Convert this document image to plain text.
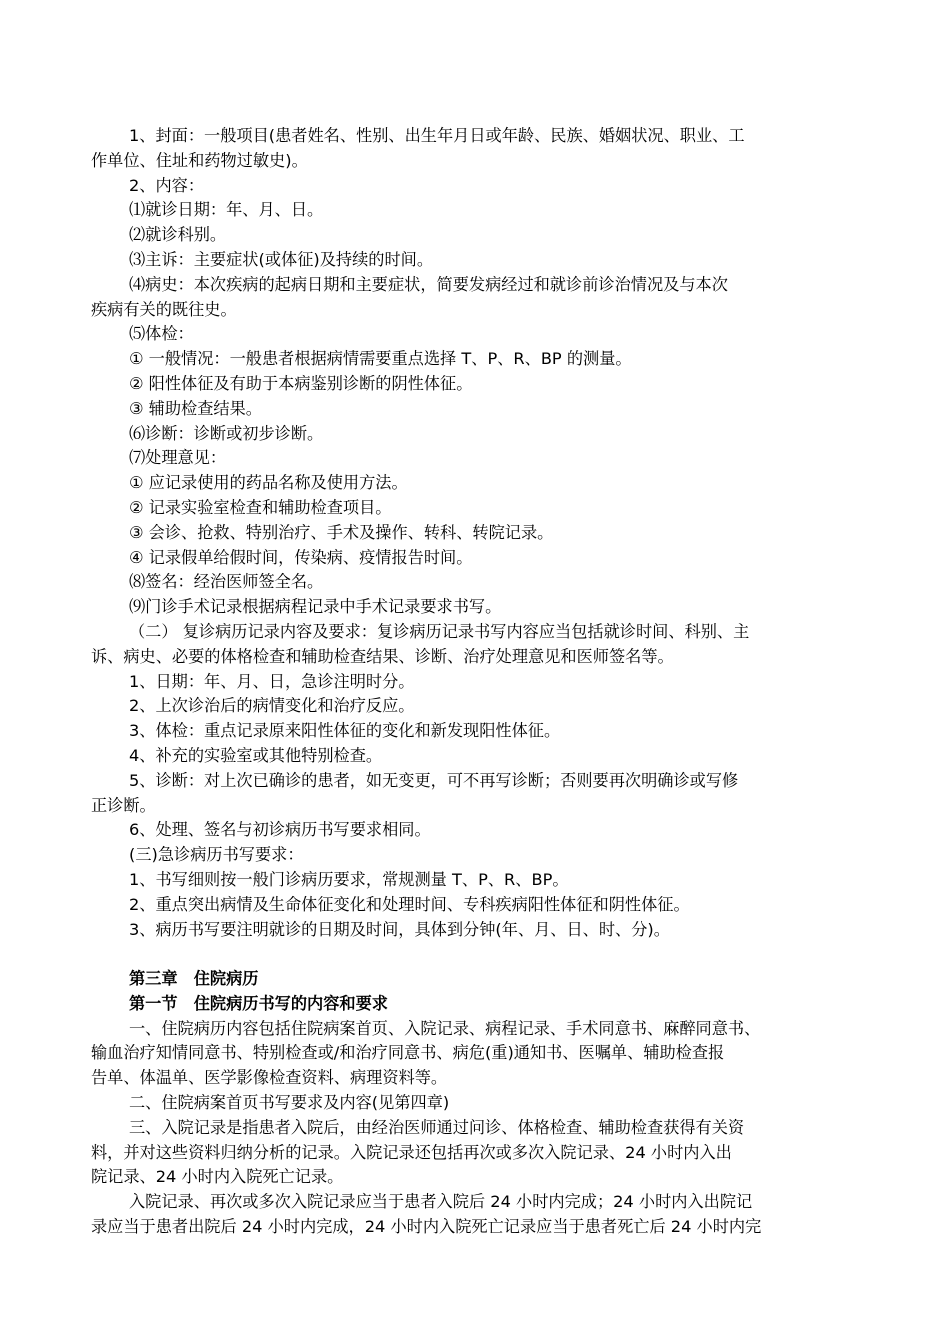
1、封面：一般项目(患者姓名、性别、出生年月日或年龄、民族、婚姻状况、职业、工

作单位、住址和药物过敏史)。

2、内容：

⑴就诊日期：年、月、日。

⑵就诊科别。

⑶主诉：主要症状(或体征)及持续的时间。

⑷病史：本次疾病的起病日期和主要症状，简要发病经过和就诊前诊治情况及与本次

疾病有关的既往史。

⑸体检：

① 一般情况：一般患者根据病情需要重点选择 T、P、R、BP 的测量。

② 阳性体征及有助于本病鉴别诊断的阴性体征。

③ 辅助检查结果。

⑹诊断：诊断或初步诊断。

⑺处理意见：

① 应记录使用的药品名称及使用方法。

② 记录实验室检查和辅助检查项目。

③ 会诊、抢救、特别治疗、手术及操作、转科、转院记录。

④ 记录假单给假时间，传染病、疫情报告时间。

⑻签名：经治医师签全名。

⑼门诊手术记录根据病程记录中手术记录要求书写。

（二） 复诊病历记录内容及要求：复诊病历记录书写内容应当包括就诊时间、科别、主

诉、病史、必要的体格检查和辅助检查结果、诊断、治疗处理意见和医师签名等。

1、日期：年、月、日，急诊注明时分。

2、上次诊治后的病情变化和治疗反应。

3、体检：重点记录原来阳性体征的变化和新发现阳性体征。

4、补充的实验室或其他特别检查。

5、诊断：对上次已确诊的患者，如无变更，可不再写诊断；否则要再次明确诊或写修

正诊断。

6、处理、签名与初诊病历书写要求相同。

(三)急诊病历书写要求：

1、书写细则按一般门诊病历要求，常规测量 T、P、R、BP。

2、重点突出病情及生命体征变化和处理时间、专科疾病阳性体征和阴性体征。

3、病历书写要注明就诊的日期及时间，具体到分钟(年、月、日、时、分)。

第三章　住院病历

第一节　住院病历书写的内容和要求

一、住院病历内容包括住院病案首页、入院记录、病程记录、手术同意书、麻醉同意书、

输血治疗知情同意书、特别检查或/和治疗同意书、病危(重)通知书、医嘱单、辅助检查报

告单、体温单、医学影像检查资料、病理资料等。

二、住院病案首页书写要求及内容(见第四章)

三、入院记录是指患者入院后，由经治医师通过问诊、体格检查、辅助检查获得有关资

料，并对这些资料归纳分析的记录。入院记录还包括再次或多次入院记录、24 小时内入出

院记录、24 小时内入院死亡记录。

入院记录、再次或多次入院记录应当于患者入院后 24 小时内完成；24 小时内入出院记

录应当于患者出院后 24 小时内完成，24 小时内入院死亡记录应当于患者死亡后 24 小时内完
